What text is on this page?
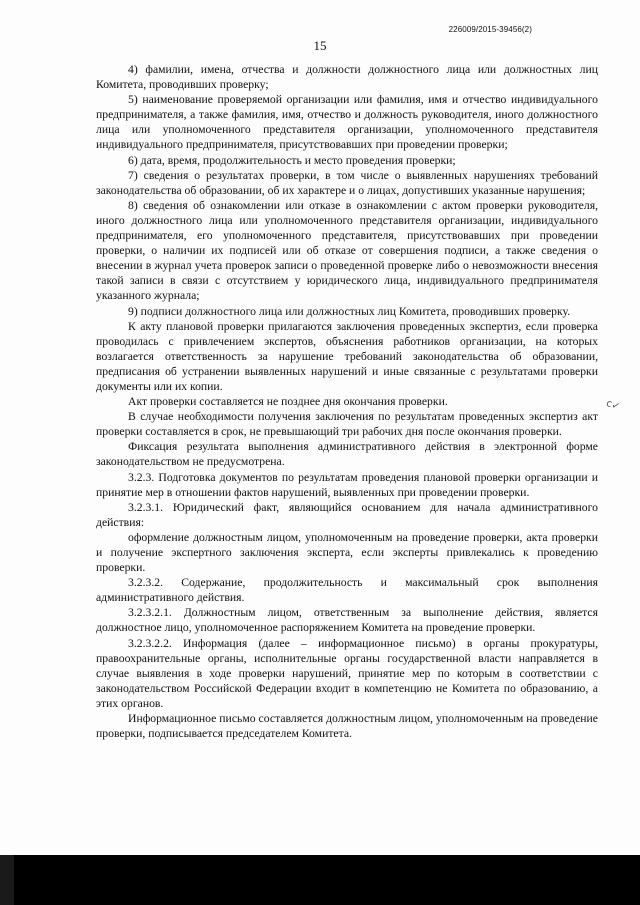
226009/2015-39456(2)
15

4) фамилии, имена, отчества и должности должностного лица или должностных лиц Комитета, проводивших проверку;

5) наименование проверяемой организации или фамилия, имя и отчество индивидуального предпринимателя, а также фамилия, имя, отчество и должность руководителя, иного должностного лица или уполномоченного представителя организации, уполномоченного представителя индивидуального предпринимателя, присутствовавших при проведении проверки;

6) дата, время, продолжительность и место проведения проверки;

7) сведения о результатах проверки, в том числе о выявленных нарушениях требований законодательства об образовании, об их характере и о лицах, допустивших указанные нарушения;

8) сведения об ознакомлении или отказе в ознакомлении с актом проверки руководителя, иного должностного лица или уполномоченного представителя организации, индивидуального предпринимателя, его уполномоченного представителя, присутствовавших при проведении проверки, о наличии их подписей или об отказе от совершения подписи, а также сведения о внесении в журнал учета проверок записи о проведенной проверке либо о невозможности внесения такой записи в связи с отсутствием у юридического лица, индивидуального предпринимателя указанного журнала;

9) подписи должностного лица или должностных лиц Комитета, проводивших проверку.

К акту плановой проверки прилагаются заключения проведенных экспертиз, если проверка проводилась с привлечением экспертов, объяснения работников организации, на которых возлагается ответственность за нарушение требований законодательства об образовании, предписания об устранении выявленных нарушений и иные связанные с результатами проверки документы или их копии.

Акт проверки составляется не позднее дня окончания проверки.

В случае необходимости получения заключения по результатам проведенных экспертиз акт проверки составляется в срок, не превышающий три рабочих дня после окончания проверки.

Фиксация результата выполнения административного действия в электронной форме законодательством не предусмотрена.

3.2.3. Подготовка документов по результатам проведения плановой проверки организации и принятие мер в отношении фактов нарушений, выявленных при проведении проверки.

3.2.3.1. Юридический факт, являющийся основанием для начала административного действия:

оформление должностным лицом, уполномоченным на проведение проверки, акта проверки и получение экспертного заключения эксперта, если эксперты привлекались к проведению проверки.

3.2.3.2. Содержание, продолжительность и максимальный срок выполнения административного действия.

3.2.3.2.1. Должностным лицом, ответственным за выполнение действия, является должностное лицо, уполномоченное распоряжением Комитета на проведение проверки.

3.2.3.2.2. Информация (далее – информационное письмо) в органы прокуратуры, правоохранительные органы, исполнительные органы государственной власти направляется в случае выявления в ходе проверки нарушений, принятие мер по которым в соответствии с законодательством Российской Федерации входит в компетенцию не Комитета по образованию, а этих органов.

Информационное письмо составляется должностным лицом, уполномоченным на проведение проверки, подписывается председателем Комитета.

ⅽ✓
